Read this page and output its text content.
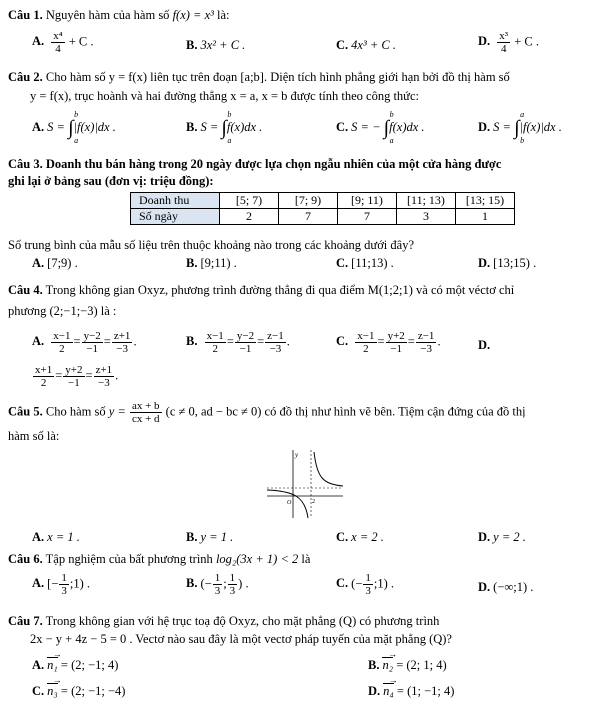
Câu 1. Nguyên hàm của hàm số f(x) = x³ là:
A. $\frac{\text{x⁴}}{4} + C$ .	B. 3x² + C .	C. 4x³ + C .	D. $\frac{\text{x³}}{4} + C$ .
Câu 2. Cho hàm số y = f(x) liên tục trên đoạn [a;b]. Diện tích hình phẳng giới hạn bởi đồ thị hàm số
y = f(x), trục hoành và hai đường thẳng x = a, x = b được tính theo công thức:
A. S = ∫
b
a
|f(x)|dx .	B. S = ∫
b
a
f(x)dx .	C. S = − ∫
b
a
f(x)dx .	D. S = ∫
a
b
|f(x)|dx .
Câu 3. Doanh thu bán hàng trong 20 ngày được lựa chọn ngẫu nhiên của một cửa hàng được
ghi lại ở bảng sau (đơn vị: triệu đồng):
Doanh thu	[5; 7)	[7; 9)	[9; 11)	[11; 13)	[13; 15)
Số ngày	2	7	7	3	1
Số trung bình của mẫu số liệu trên thuộc khoảng nào trong các khoảng dưới đây?
A. [7;9) .	B. [9;11) .	C. [11;13) .	D. [13;15) .
Câu 4. Trong không gian Oxyz, phương trình đường thẳng đi qua điểm M(1;2;1) và có một véctơ chỉ
phương (2;−1;−3) là :
A. $\frac{x-1}{2} = \frac{y-2}{-1} = \frac{z+1}{-3}$ .	B. $\frac{x-1}{2} = \frac{y-2}{-1} = \frac{z-1}{-3}$ .	C. $\frac{x-1}{2} = \frac{y+2}{-1} = \frac{z-1}{-3}$ .	D.
$\frac{x+1}{2} = \frac{y+2}{-1} = \frac{z+1}{-3}$ .
Câu 5. Cho hàm số $y = \frac{ax + b}{cx + d} (c \ne 0$, ad − bc ≠ 0) có đồ thị như hình vẽ bên. Tiệm cận đứng của đồ thị
hàm số là:
y
O	2
A. x = 1 .	B. y = 1 .	C. x = 2 .	D. y = 2 .
Câu 6. Tập nghiệm của bất phương trình log₂(3x + 1) < 2 là
A. [− $\frac{1}{3}$ ;1) .	B. (− $\frac{1}{3}$ ; $\frac{1}{3}$ ) .	C. (− $\frac{1}{3}$ ;1) .	D. (−∞;1) .
Câu 7. Trong không gian với hệ trục toạ độ Oxyz, cho mặt phẳng (Q) có phương trình
2x − y + 4z − 5 = 0 . Vectơ nào sau đây là một vectơ pháp tuyến của mặt phẳng (Q)?
A. n₁ → = (2; −1; 4)	B. n₂ → = (2; 1; 4)
C. n₃ → = (2; −1; −4)	D. n₄ → = (1; −1; 4)
